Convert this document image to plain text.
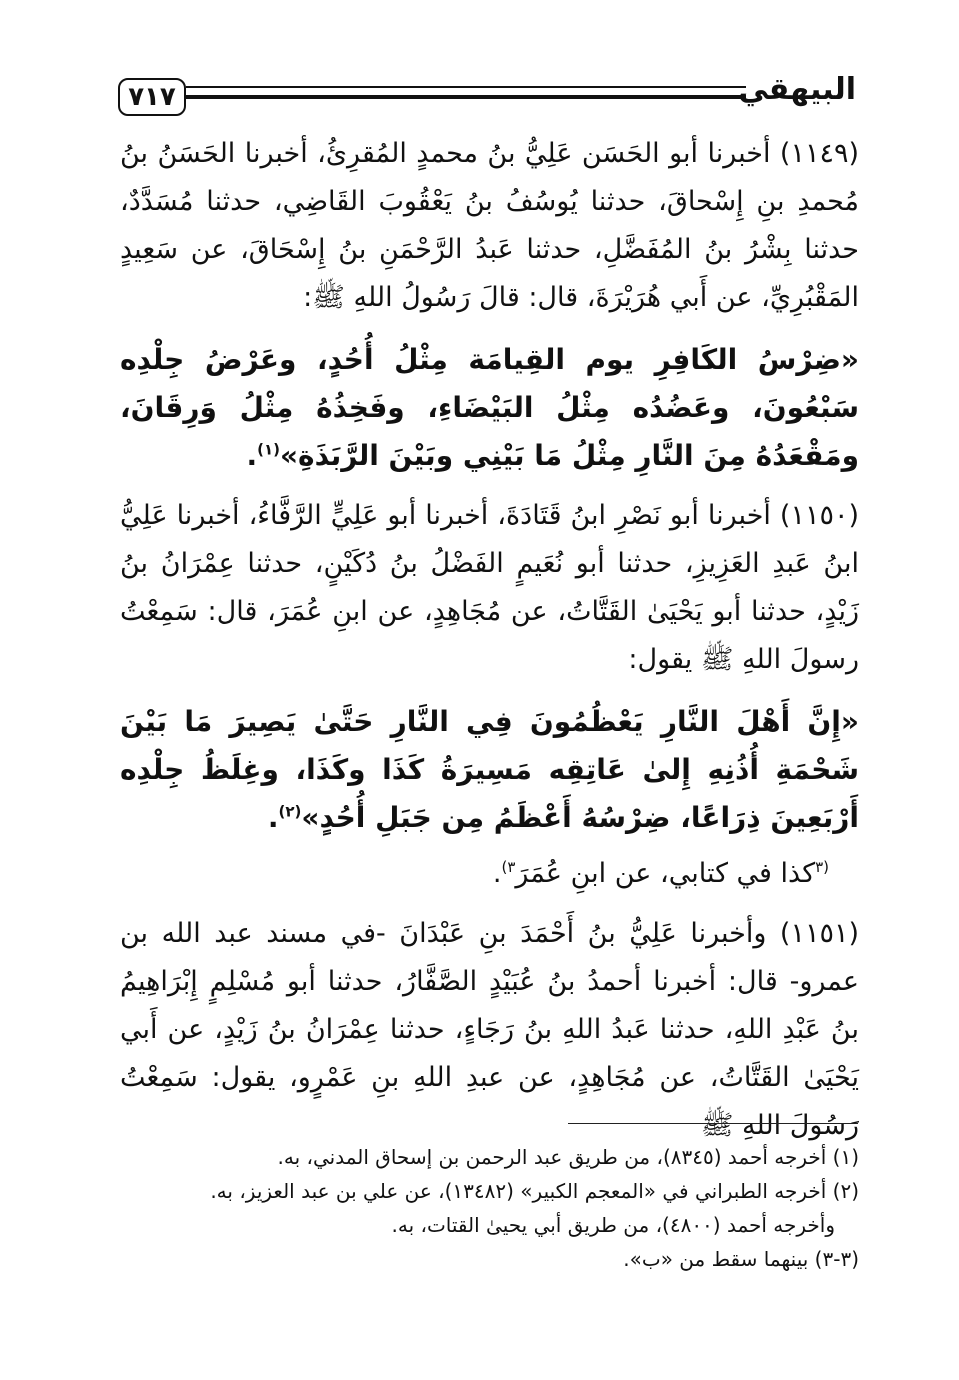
٧١٧	البيهقي

(١١٤٩) أخبرنا أبو الحَسَن عَلِيُّ بنُ محمدٍ المُقرِئُ، أخبرنا الحَسَنُ بنُ مُحمدِ بنِ إِسْحاقَ، حدثنا يُوسُفُ بنُ يَعْقُوبَ القَاضِي، حدثنا مُسَدَّدٌ، حدثنا بِشْرُ بنُ المُفَضَّلِ، حدثنا عَبدُ الرَّحْمَنِ بنُ إِسْحَاقَ، عن سَعِيدٍ المَقْبُرِيِّ، عن أَبي هُرَيْرَةَ، قال: قالَ رَسُولُ اللهِ ﷺ:

«ضِرْسُ الكَافِرِ يوم القِيامَة مِثْلُ أُحُدٍ، وعَرْضُ جِلْدِه سَبْعُونَ، وعَضُدُه مِثْلُ البَيْضَاءِ، وفَخِذُهُ مِثْلُ وَرِقَانَ، ومَقْعَدُهُ مِنَ النَّارِ مِثْلُ مَا بَيْنِي وبَيْنَ الرَّبَذَةِ»$^{(١)}$.

(١١٥٠) أخبرنا أبو نَصْرِ ابنُ قَتَادَةَ، أخبرنا أبو عَلِيٍّ الرَّفَّاءُ، أخبرنا عَلِيُّ ابنُ عَبدِ العَزِيزِ، حدثنا أبو نُعَيمٍ الفَضْلُ بنُ دُكَيْنٍ، حدثنا عِمْرَانُ بنُ زَيْدٍ، حدثنا أبو يَحْيَىٰ القَتَّاتُ، عن مُجَاهِدٍ، عن ابنِ عُمَرَ، قال: سَمِعْتُ رسولَ اللهِ ﷺ يقول:

«إِنَّ أَهْلَ النَّارِ يَعْظُمُونَ فِي النَّارِ حَتَّىٰ يَصِيرَ مَا بَيْنَ شَحْمَةِ أُذُنِهِ إِلىٰ عَاتِقِه مَسِيرَةُ كَذَا وكَذَا، وغِلَظُ جِلْدِه أَرْبَعِينَ ذِرَاعًا، ضِرْسُهُ أَعْظَمُ مِن جَبَلِ أُحُدٍ»$^{(٢)}$.

$^{(٣}$كذا في كتابي، عن ابنِ عُمَرَ$^{٣)}$.

(١١٥١) وأخبرنا عَلِيُّ بنُ أَحْمَدَ بنِ عَبْدَانَ -في مسند عبد الله بن عمرو- قال: أخبرنا أحمدُ بنُ عُبَيْدٍ الصَّفَّارُ، حدثنا أبو مُسْلِمٍ إِبْرَاهِيمُ بنُ عَبْدِ اللهِ، حدثنا عَبدُ اللهِ بنُ رَجَاءٍ، حدثنا عِمْرَانُ بنُ زَيْدٍ، عن أَبي يَحْيَىٰ القَتَّاتُ، عن مُجَاهِدٍ، عن عبدِ اللهِ بنِ عَمْرٍو، يقول: سَمِعْتُ رَسُولَ اللهِ ﷺ

(١) أخرجه أحمد (٨٣٤٥)، من طريق عبد الرحمن بن إسحاق المدني، به.

(٢) أخرجه الطبراني في «المعجم الكبير» (١٣٤٨٢)، عن علي بن عبد العزيز، به.

وأخرجه أحمد (٤٨٠٠)، من طريق أبي يحيىٰ القتات، به.

(٣-٣) بينهما سقط من «ب».
